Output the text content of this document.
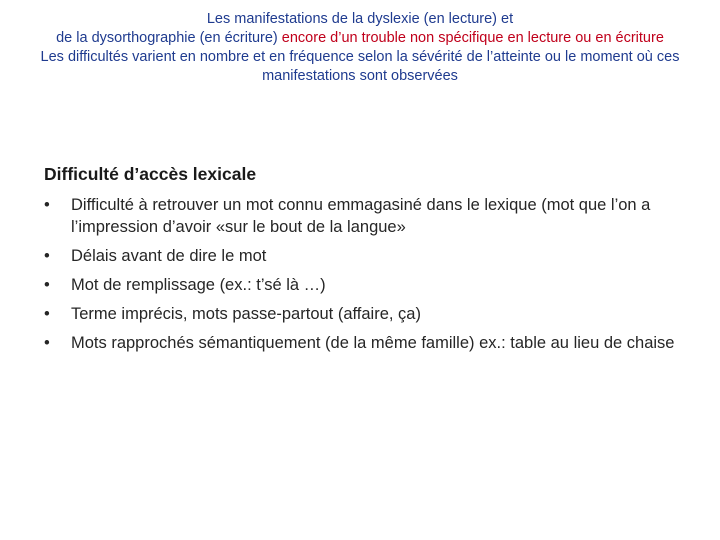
Les manifestations de la dyslexie (en lecture) et
de la dysorthographie (en écriture) encore d’un trouble non spécifique en lecture ou en écriture
Les difficultés varient en nombre et en fréquence selon la sévérité de l’atteinte ou le moment où ces manifestations sont observées
Difficulté d’accès lexicale
•	Difficulté à retrouver un mot connu emmagasiné dans le lexique (mot que l’on a l’impression d’avoir «sur le bout de la langue»
•	Délais avant de dire le mot
•	Mot de remplissage (ex.: t’sé là …)
•	Terme imprécis, mots passe-partout (affaire, ça)
•	Mots rapprochés sémantiquement (de la même famille) ex.: table au lieu de chaise
